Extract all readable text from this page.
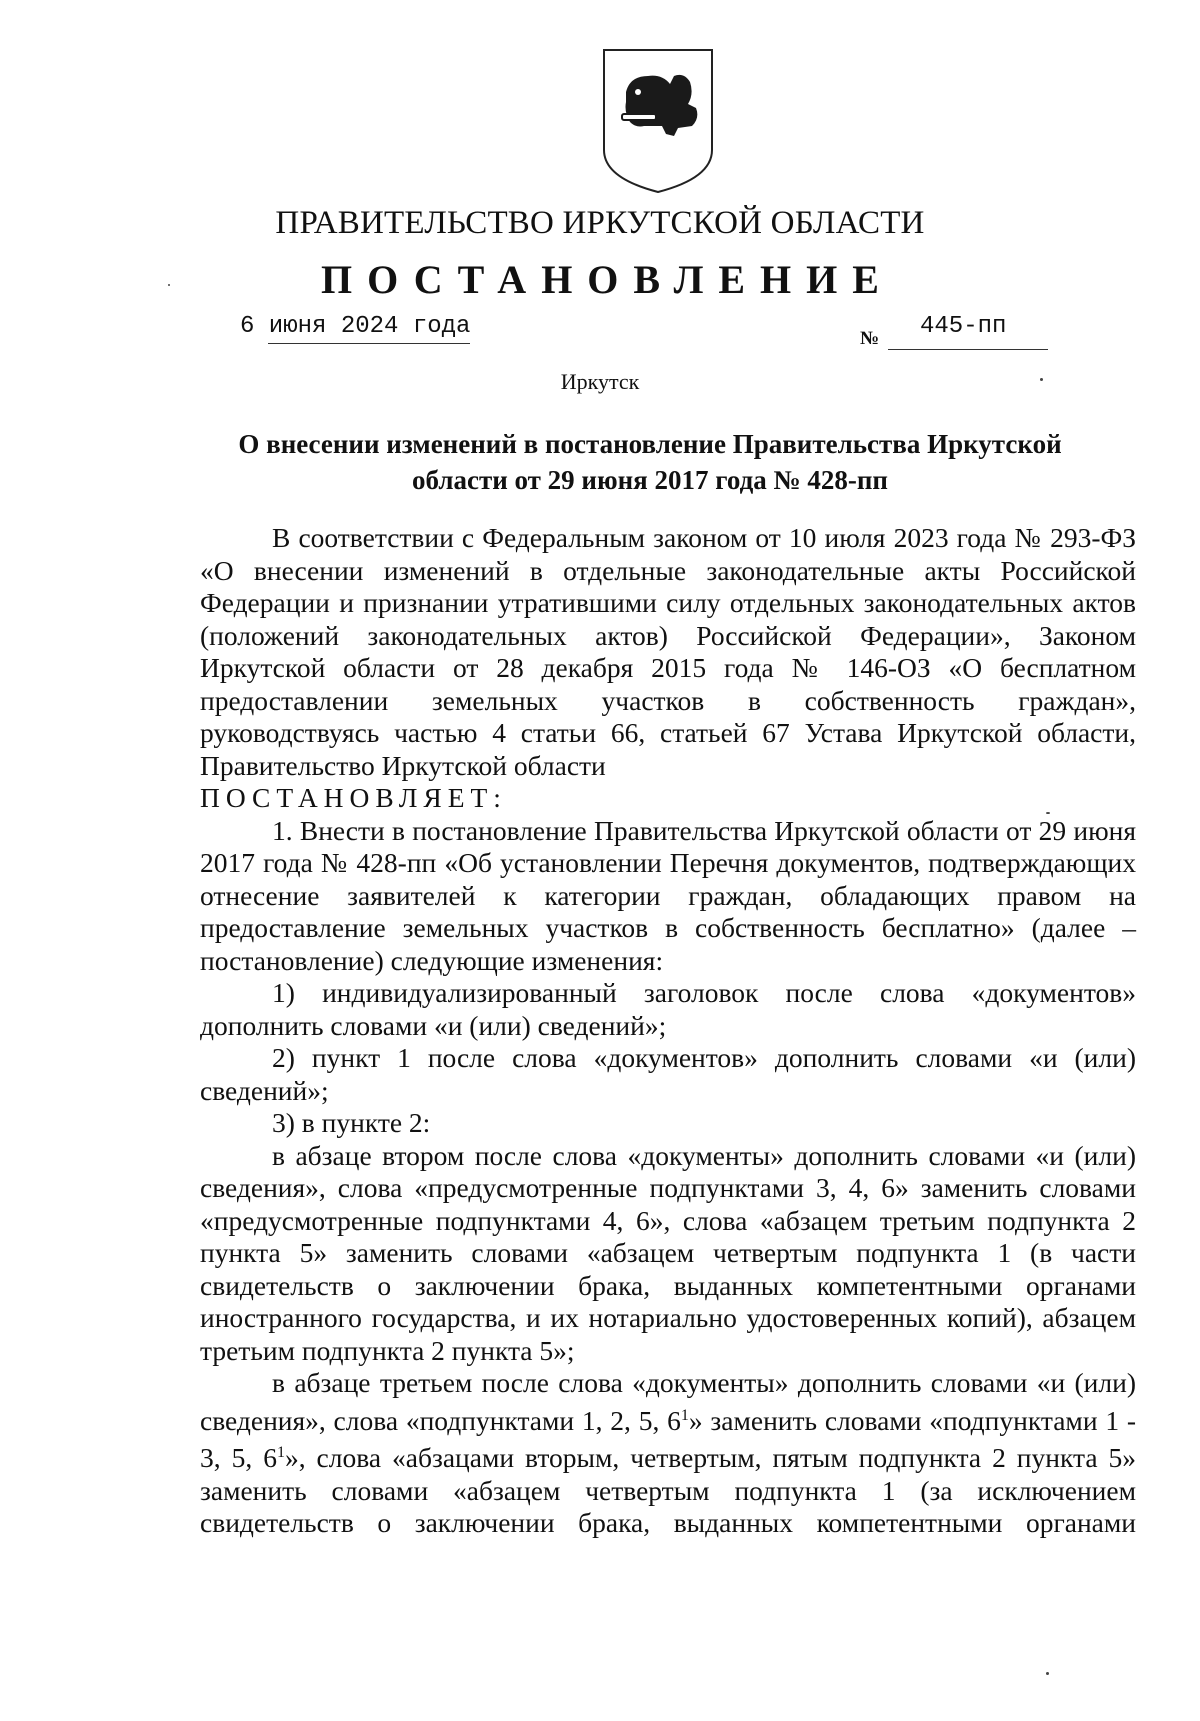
ПРАВИТЕЛЬСТВО ИРКУТСКОЙ ОБЛАСТИ
ПОСТАНОВЛЕНИЕ
6 июня 2024 года	№ 445-пп
Иркутск
О внесении изменений в постановление Правительства Иркутской
области от 29 июня 2017 года № 428-пп

В соответствии с Федеральным законом от 10 июля 2023 года № 293-ФЗ «О внесении изменений в отдельные законодательные акты Российской Федерации и признании утратившими силу отдельных законодательных актов (положений законодательных актов) Российской Федерации», Законом Иркутской области от 28 декабря 2015 года № 146-ОЗ «О бесплатном предоставлении земельных участков в собственность граждан», руководствуясь частью 4 статьи 66, статьей 67 Устава Иркутской области, Правительство Иркутской области

ПОСТАНОВЛЯЕТ:

1. Внести в постановление Правительства Иркутской области от 29 июня 2017 года № 428-пп «Об установлении Перечня документов, подтверждающих отнесение заявителей к категории граждан, обладающих правом на предоставление земельных участков в собственность бесплатно» (далее – постановление) следующие изменения:

1) индивидуализированный заголовок после слова «документов» дополнить словами «и (или) сведений»;

2) пункт 1 после слова «документов» дополнить словами «и (или) сведений»;

3) в пункте 2:

в абзаце втором после слова «документы» дополнить словами «и (или) сведения», слова «предусмотренные подпунктами 3, 4, 6» заменить словами «предусмотренные подпунктами 4, 6», слова «абзацем третьим подпункта 2 пункта 5» заменить словами «абзацем четвертым подпункта 1 (в части свидетельств о заключении брака, выданных компетентными органами иностранного государства, и их нотариально удостоверенных копий), абзацем третьим подпункта 2 пункта 5»;

в абзаце третьем после слова «документы» дополнить словами «и (или) сведения», слова «подпунктами 1, 2, 5, $6^1$» заменить словами «подпунктами 1 - 3, 5, $6^1$», слова «абзацами вторым, четвертым, пятым подпункта 2 пункта 5» заменить словами «абзацем четвертым подпункта 1 (за исключением свидетельств о заключении брака, выданных компетентными органами
